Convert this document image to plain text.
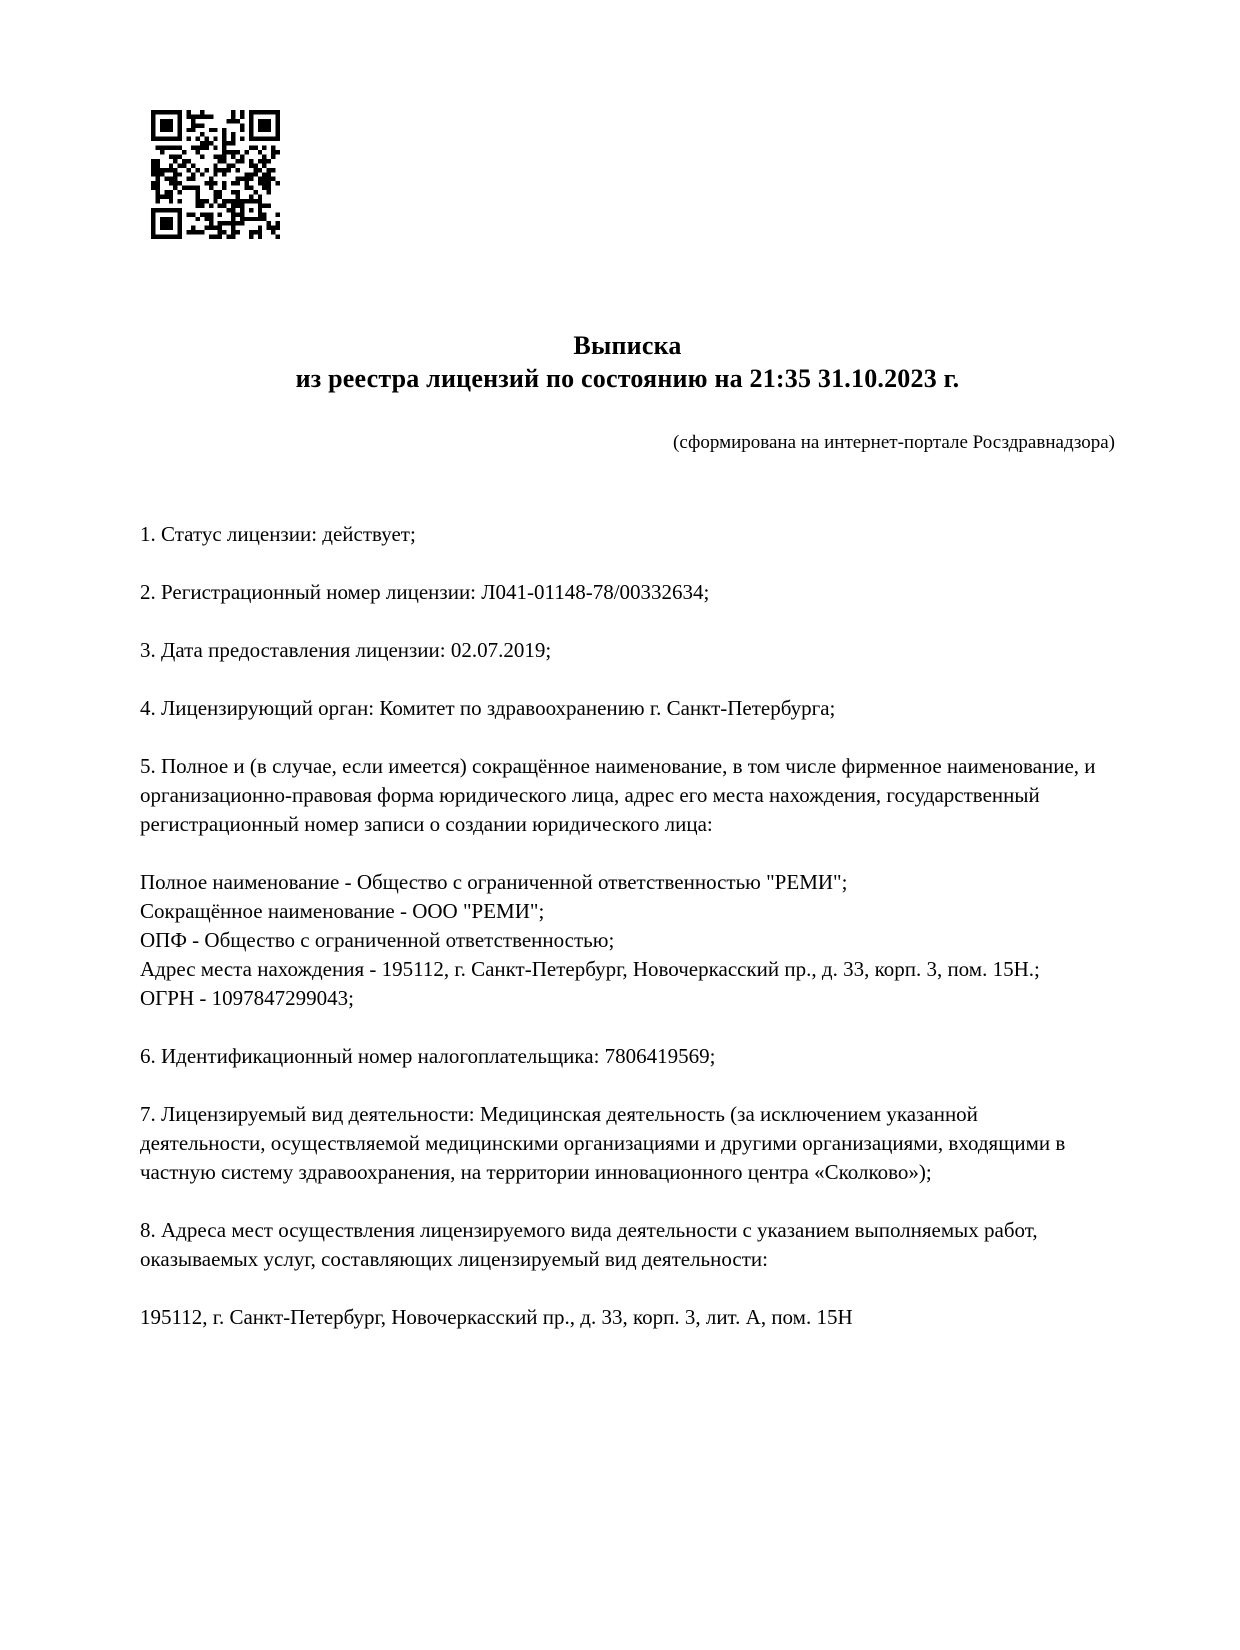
Выписка
из реестра лицензий по состоянию на 21:35 31.10.2023 г.
(сформирована на интернет-портале Росздравнадзора)

1. Статус лицензии: действует;

2. Регистрационный номер лицензии: Л041-01148-78/00332634;

3. Дата предоставления лицензии: 02.07.2019;

4. Лицензирующий орган: Комитет по здравоохранению г. Санкт-Петербурга;

5. Полное и (в случае, если имеется) сокращённое наименование, в том числе фирменное наименование, и организационно-правовая форма юридического лица, адрес его места нахождения, государственный регистрационный номер записи о создании юридического лица:

Полное наименование - Общество с ограниченной ответственностью "РЕМИ";

Сокращённое наименование - ООО "РЕМИ";

ОПФ - Общество с ограниченной ответственностью;

Адрес места нахождения - 195112, г. Санкт-Петербург, Новочеркасский пр., д. 33, корп. 3, пом. 15Н.;

ОГРН - 1097847299043;

6. Идентификационный номер налогоплательщика: 7806419569;

7. Лицензируемый вид деятельности: Медицинская деятельность (за исключением указанной деятельности, осуществляемой медицинскими организациями и другими организациями, входящими в частную систему здравоохранения, на территории инновационного центра «Сколково»);

8. Адреса мест осуществления лицензируемого вида деятельности с указанием выполняемых работ, оказываемых услуг, составляющих лицензируемый вид деятельности:

195112, г. Санкт-Петербург, Новочеркасский пр., д. 33, корп. 3, лит. А, пом. 15Н
